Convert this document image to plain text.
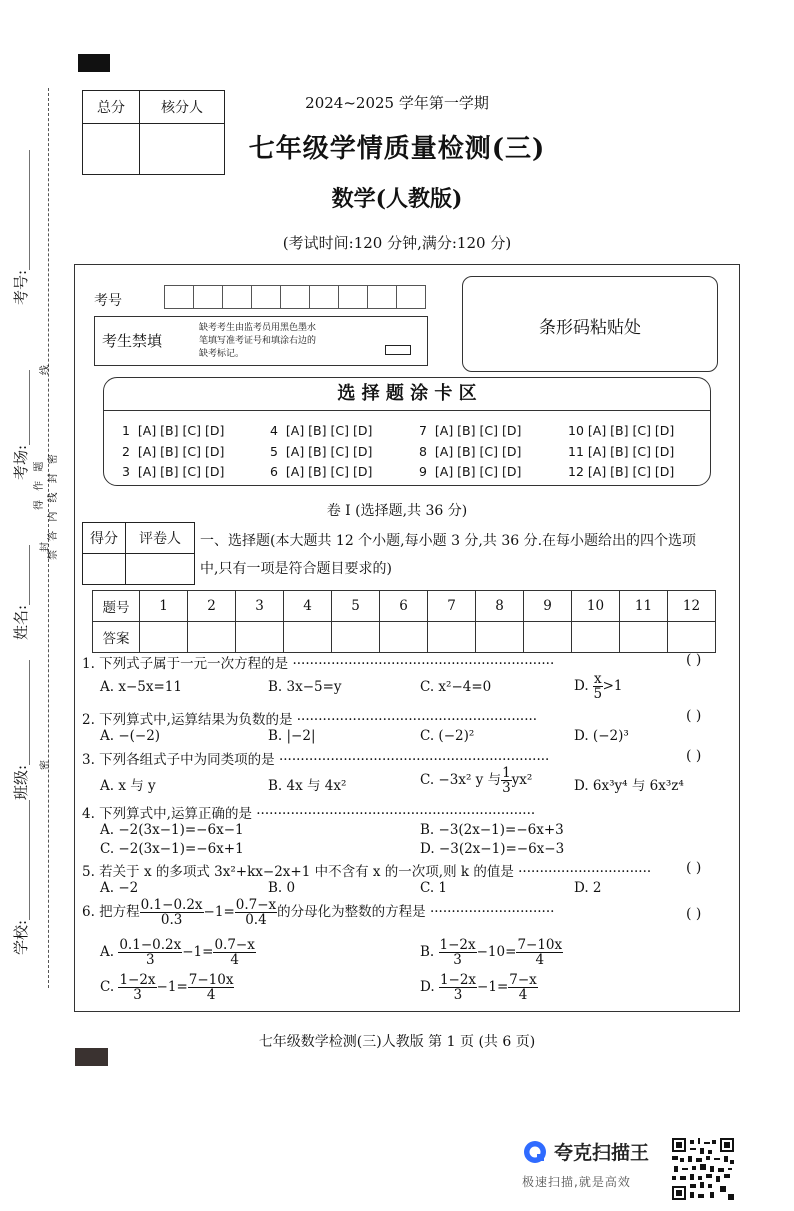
考号:________________
考场:__________
姓名:________
班级:______________
学校:________________
禁 答 内 线 封 密
得 作 题
线
封
密
总分	核分人
		2024~2025 学年第一学期
七年级学情质量检测(三)
数学(人教版)
(考试时间:120 分钟,满分:120 分)
考号
考生禁填
缺考考生由监考员用黑色墨水
笔填写准考证号和填涂右边的
缺考标记。
条形码粘贴处
选 择 题 涂 卡 区
1 [A] [B] [C] [D]	4 [A] [B] [C] [D]	7 [A] [B] [C] [D]	10 [A] [B] [C] [D]
2 [A] [B] [C] [D]	5 [A] [B] [C] [D]	8 [A] [B] [C] [D]	11 [A] [B] [C] [D]
3 [A] [B] [C] [D]	6 [A] [B] [C] [D]	9 [A] [B] [C] [D]	12 [A] [B] [C] [D]
卷 I (选择题,共 36 分)
得分	评卷人
	一、选择题(本大题共 12 个小题,每小题 3 分,共 36 分.在每小题给出的四个选项
中,只有一项是符合题目要求的)
题号	1	2	3	4	5	6	7	8	9	10	11	12
答案												
1. 下列式子属于一元一次方程的是 ·····························································	( )
A. x−5x=11	B. 3x−5=y	C. x²−4=0	D. $\frac{x}{5} >1$
2. 下列算式中,运算结果为负数的是 ························································	( )
A. −(−2)	B. |−2|	C. (−2)²	D. (−2)³
3. 下列各组式子中为同类项的是 ·······························································	( )
A. x 与 y	B. 4x 与 4x²	C. −3x² y 与 $\frac{1}{3} yx^2$	D. 6x³y⁴ 与 6x³z⁴
4. 下列算式中,运算正确的是 ·································································
A. −2(3x−1)=−6x−1	B. −3(2x−1)=−6x+3
C. −2(3x−1)=−6x+1	D. −3(2x−1)=−6x−3
5. 若关于 x 的多项式 3x²+kx−2x+1 中不含有 x 的一次项,则 k 的值是 ······························· ( )
A. −2	B. 0	C. 1	D. 2
6. 把方程 $\frac{0.1-0.2x}{0.3} -1= \frac{0.7-x}{0.4}$ 的分母化为整数的方程是 ·····························	( )
A. $\frac{0.1-0.2x}{3} -1= \frac{0.7-x}{4}$	B. $\frac{1-2x}{3} -10= \frac{7-10x}{4}$
C. $\frac{1-2x}{3} -1= \frac{7-10x}{4}$	D. $\frac{1-2x}{3} -1= \frac{7-x}{4}$
七年级数学检测(三)人教版 第 1 页 (共 6 页)
夸克扫描王
极速扫描,就是高效
